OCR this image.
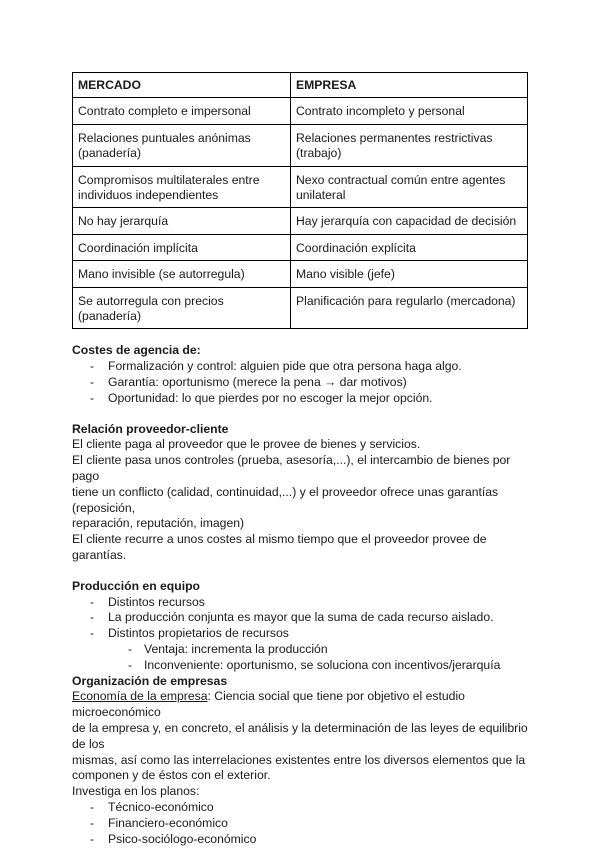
MERCADO	EMPRESA
Contrato completo e impersonal	Contrato incompleto y personal
Relaciones puntuales anónimas (panadería)	Relaciones permanentes restrictivas (trabajo)
Compromisos multilaterales entre individuos independientes	Nexo contractual común entre agentes unilateral
No hay jerarquía	Hay jerarquía con capacidad de decisión
Coordinación implícita	Coordinación explícita
Mano invisible (se autorregula)	Mano visible (jefe)
Se autorregula con precios (panadería)	Planificación para regularlo (mercadona)

Costes de agencia de:

- Formalización y control: alguien pide que otra persona haga algo.
- Garantía: oportunismo (merece la pena → dar motivos)
- Oportunidad: lo que pierdes por no escoger la mejor opción.

Relación proveedor-cliente

El cliente paga al proveedor que le provee de bienes y servicios.

El cliente pasa unos controles (prueba, asesoría,...), el intercambio de bienes por pago

tiene un conflicto (calidad, continuidad,...) y el proveedor ofrece unas garantías (reposición,

reparación, reputación, imagen)

El cliente recurre a unos costes al mismo tiempo que el proveedor provee de garantías.

Producción en equipo

- Distintos recursos
- La producción conjunta es mayor que la suma de cada recurso aislado.
- Distintos propietarios de recursos
- Ventaja: incrementa la producción
- Inconveniente: oportunismo, se soluciona con incentivos/jerarquía

Organización de empresas

Economía de la empresa: Ciencia social que tiene por objetivo el estudio microeconómico

de la empresa y, en concreto, el análisis y la determinación de las leyes de equilibrio de los

mismas, así como las interrelaciones existentes entre los diversos elementos que la

componen y de éstos con el exterior.

Investiga en los planos:

- Técnico-económico
- Financiero-económico
- Psico-sociólogo-económico
